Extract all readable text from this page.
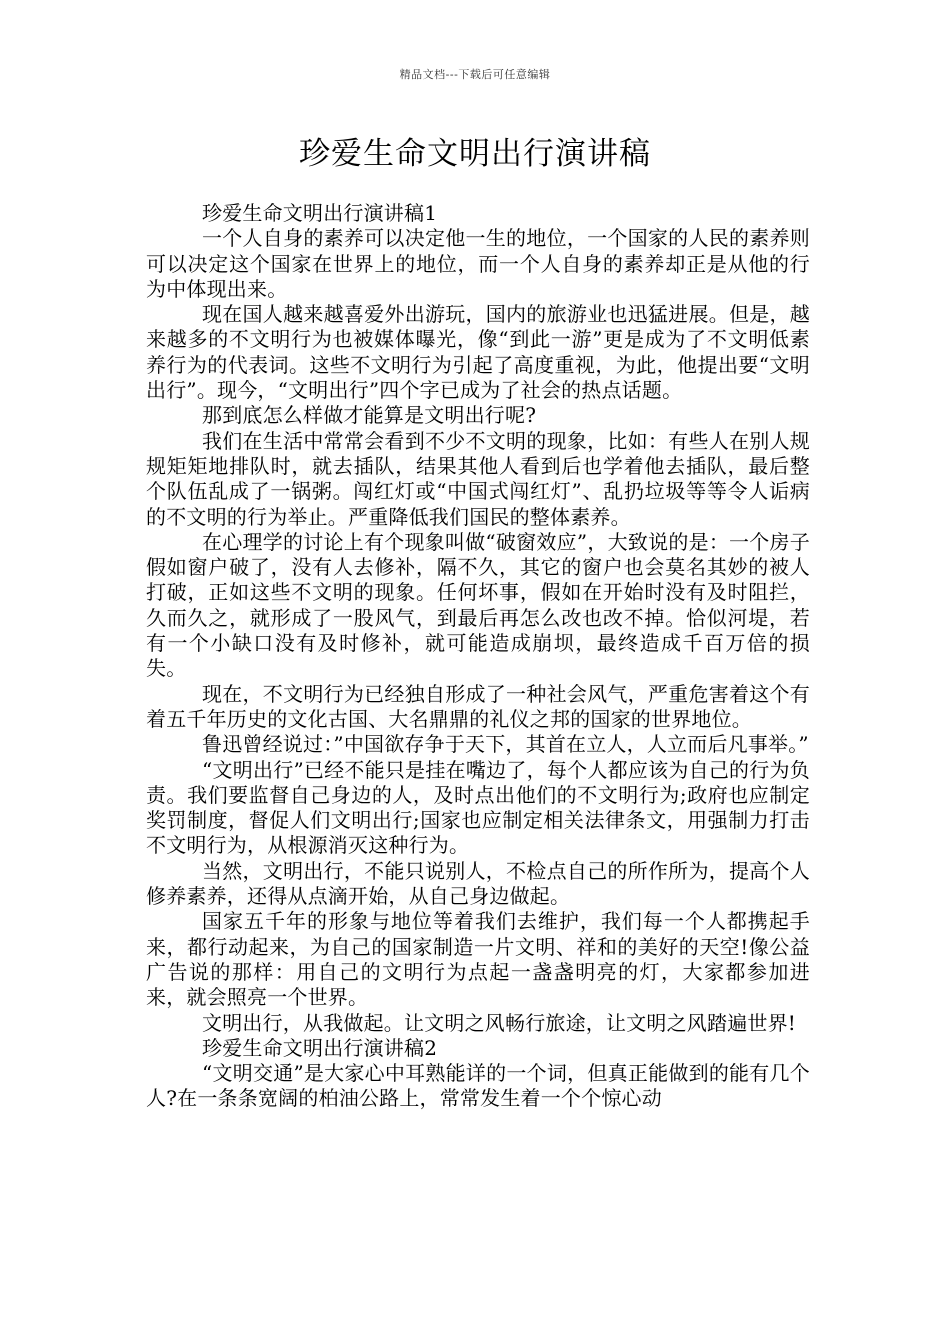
精品文档---下载后可任意编辑
珍爱生命文明出行演讲稿

珍爱生命文明出行演讲稿1

一个人自身的素养可以决定他一生的地位，一个国家的人民的素养则可以决定这个国家在世界上的地位，而一个人自身的素养却正是从他的行为中体现出来。

现在国人越来越喜爱外出游玩，国内的旅游业也迅猛进展。但是，越来越多的不文明行为也被媒体曝光，像“到此一游”更是成为了不文明低素养行为的代表词。这些不文明行为引起了高度重视，为此，他提出要“文明出行”。现今，“文明出行”四个字已成为了社会的热点话题。

那到底怎么样做才能算是文明出行呢?

我们在生活中常常会看到不少不文明的现象，比如：有些人在别人规规矩矩地排队时，就去插队，结果其他人看到后也学着他去插队，最后整个队伍乱成了一锅粥。闯红灯或“中国式闯红灯”、乱扔垃圾等等令人诟病的不文明的行为举止。严重降低我们国民的整体素养。

在心理学的讨论上有个现象叫做“破窗效应”，大致说的是：一个房子假如窗户破了，没有人去修补，隔不久，其它的窗户也会莫名其妙的被人打破，正如这些不文明的现象。任何坏事，假如在开始时没有及时阻拦，久而久之，就形成了一股风气，到最后再怎么改也改不掉。恰似河堤，若有一个小缺口没有及时修补，就可能造成崩坝，最终造成千百万倍的损失。

现在，不文明行为已经独自形成了一种社会风气，严重危害着这个有着五千年历史的文化古国、大名鼎鼎的礼仪之邦的国家的世界地位。

鲁迅曾经说过：”中国欲存争于天下，其首在立人，人立而后凡事举。”

“文明出行”已经不能只是挂在嘴边了，每个人都应该为自己的行为负责。我们要监督自己身边的人，及时点出他们的不文明行为;政府也应制定奖罚制度，督促人们文明出行;国家也应制定相关法律条文，用强制力打击不文明行为，从根源消灭这种行为。

当然，文明出行，不能只说别人，不检点自己的所作所为，提高个人修养素养，还得从点滴开始，从自己身边做起。

国家五千年的形象与地位等着我们去维护，我们每一个人都携起手来，都行动起来，为自己的国家制造一片文明、祥和的美好的天空!像公益广告说的那样：用自己的文明行为点起一盏盏明亮的灯，大家都参加进来，就会照亮一个世界。

文明出行，从我做起。让文明之风畅行旅途，让文明之风踏遍世界!

珍爱生命文明出行演讲稿2

“文明交通”是大家心中耳熟能详的一个词，但真正能做到的能有几个人?在一条条宽阔的柏油公路上，常常发生着一个个惊心动
